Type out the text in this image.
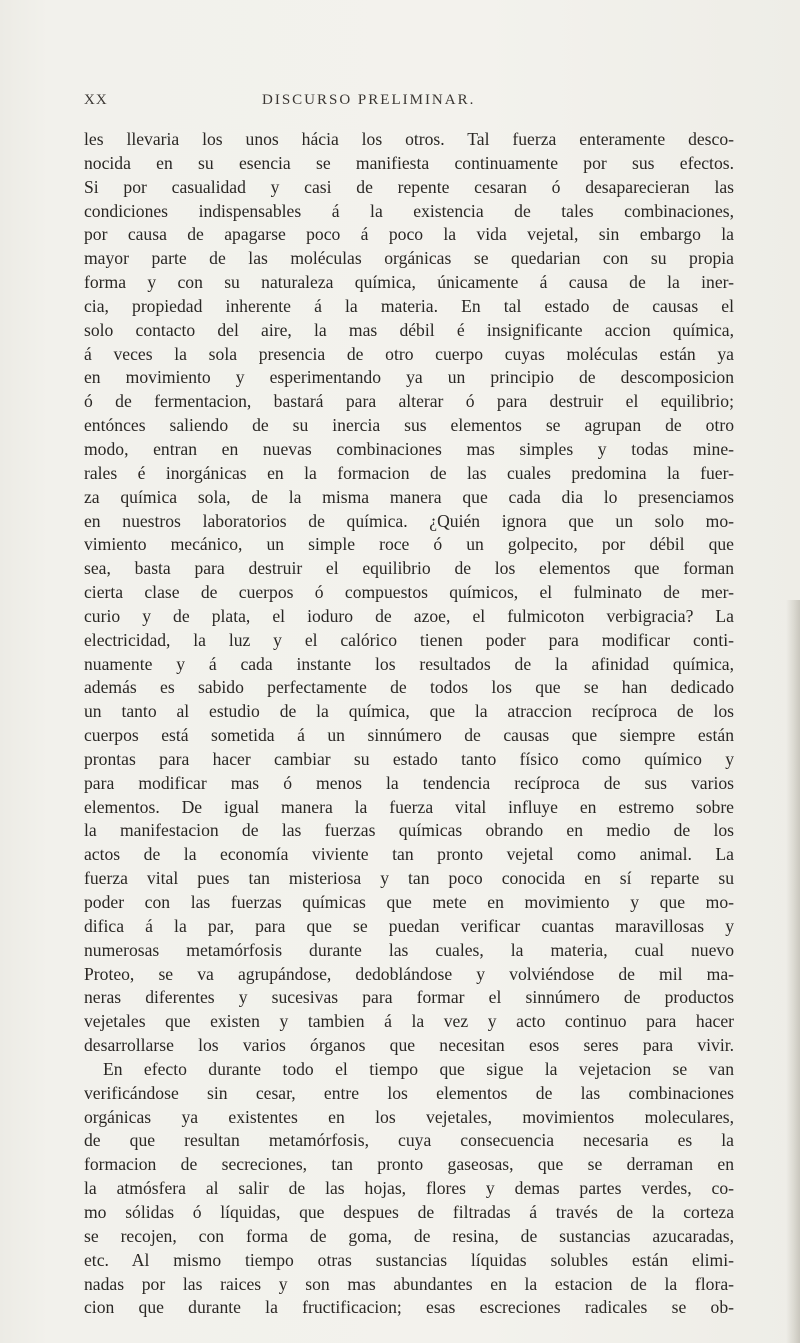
XX	DISCURSO PRELIMINAR.
les llevaria los unos hácia los otros. Tal fuerza enteramente desco-
nocida en su esencia se manifiesta continuamente por sus efectos.
Si por casualidad y casi de repente cesaran ó desaparecieran las
condiciones indispensables á la existencia de tales combinaciones,
por causa de apagarse poco á poco la vida vejetal, sin embargo la
mayor parte de las moléculas orgánicas se quedarian con su propia
forma y con su naturaleza química, únicamente á causa de la iner-
cia, propiedad inherente á la materia. En tal estado de causas el
solo contacto del aire, la mas débil é insignificante accion química,
á veces la sola presencia de otro cuerpo cuyas moléculas están ya
en movimiento y esperimentando ya un principio de descomposicion
ó de fermentacion, bastará para alterar ó para destruir el equilibrio;
entónces saliendo de su inercia sus elementos se agrupan de otro
modo, entran en nuevas combinaciones mas simples y todas mine-
rales é inorgánicas en la formacion de las cuales predomina la fuer-
za química sola, de la misma manera que cada dia lo presenciamos
en nuestros laboratorios de química. ¿Quién ignora que un solo mo-
vimiento mecánico, un simple roce ó un golpecito, por débil que
sea, basta para destruir el equilibrio de los elementos que forman
cierta clase de cuerpos ó compuestos químicos, el fulminato de mer-
curio y de plata, el ioduro de azoe, el fulmicoton verbigracia? La
electricidad, la luz y el calórico tienen poder para modificar conti-
nuamente y á cada instante los resultados de la afinidad química,
además es sabido perfectamente de todos los que se han dedicado
un tanto al estudio de la química, que la atraccion recíproca de los
cuerpos está sometida á un sinnúmero de causas que siempre están
prontas para hacer cambiar su estado tanto físico como químico y
para modificar mas ó menos la tendencia recíproca de sus varios
elementos. De igual manera la fuerza vital influye en estremo sobre
la manifestacion de las fuerzas químicas obrando en medio de los
actos de la economía viviente tan pronto vejetal como animal. La
fuerza vital pues tan misteriosa y tan poco conocida en sí reparte su
poder con las fuerzas químicas que mete en movimiento y que mo-
difica á la par, para que se puedan verificar cuantas maravillosas y
numerosas metamórfosis durante las cuales, la materia, cual nuevo
Proteo, se va agrupándose, dedoblándose y volviéndose de mil ma-
neras diferentes y sucesivas para formar el sinnúmero de productos
vejetales que existen y tambien á la vez y acto continuo para hacer
desarrollarse los varios órganos que necesitan esos seres para vivir.
En efecto durante todo el tiempo que sigue la vejetacion se van
verificándose sin cesar, entre los elementos de las combinaciones
orgánicas ya existentes en los vejetales, movimientos moleculares,
de que resultan metamórfosis, cuya consecuencia necesaria es la
formacion de secreciones, tan pronto gaseosas, que se derraman en
la atmósfera al salir de las hojas, flores y demas partes verdes, co-
mo sólidas ó líquidas, que despues de filtradas á través de la corteza
se recojen, con forma de goma, de resina, de sustancias azucaradas,
etc. Al mismo tiempo otras sustancias líquidas solubles están elimi-
nadas por las raices y son mas abundantes en la estacion de la flora-
cion que durante la fructificacion; esas escreciones radicales se ob-
